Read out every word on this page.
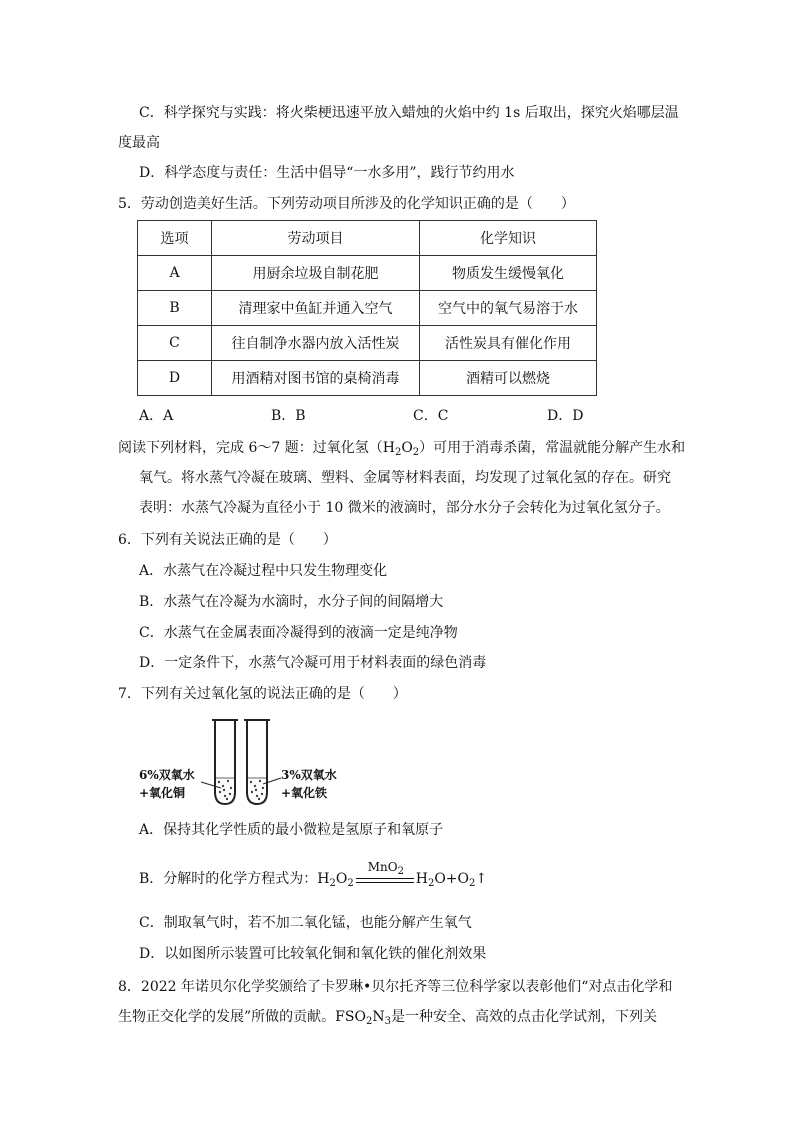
C．科学探究与实践：将火柴梗迅速平放入蜡烛的火焰中约 1s 后取出，探究火焰哪层温
度最高
D．科学态度与责任：生活中倡导“一水多用”，践行节约用水
5．劳动创造美好生活。下列劳动项目所涉及的化学知识正确的是（　　）
选项	劳动项目	化学知识
A	用厨余垃圾自制花肥	物质发生缓慢氧化
B	清理家中鱼缸并通入空气	空气中的氧气易溶于水
C	往自制净水器内放入活性炭	活性炭具有催化作用
D	用酒精对图书馆的桌椅消毒	酒精可以燃烧
A．A	B．B	C．C	D．D
阅读下列材料，完成 6～7 题：过氧化氢$(H_2O_2)$可用于消毒杀菌，常温就能分解产生水和
氧气。将水蒸气冷凝在玻璃、塑料、金属等材料表面，均发现了过氧化氢的存在。研究
表明：水蒸气冷凝为直径小于 10 微米的液滴时，部分水分子会转化为过氧化氢分子。
6．下列有关说法正确的是（　　）
A．水蒸气在冷凝过程中只发生物理变化
B．水蒸气在冷凝为水滴时，水分子间的间隔增大
C．水蒸气在金属表面冷凝得到的液滴一定是纯净物
D．一定条件下，水蒸气冷凝可用于材料表面的绿色消毒
7．下列有关过氧化氢的说法正确的是（　　）
6%双氧水
+氧化铜
3%双氧水
+氧化铁
A．保持其化学性质的最小微粒是氢原子和氧原子
B．分解时的化学方程式为：$H_2O_2$
MnO$_2$ $H_2O+O_2↑$
C．制取氧气时，若不加二氧化锰，也能分解产生氧气
D．以如图所示装置可比较氧化铜和氧化铁的催化剂效果
8．2022 年诺贝尔化学奖颁给了卡罗琳•贝尔托齐等三位科学家以表彰他们“对点击化学和
生物正交化学的发展”所做的贡献。$FSO_2N_3$是一种安全、高效的点击化学试剂，下列关
